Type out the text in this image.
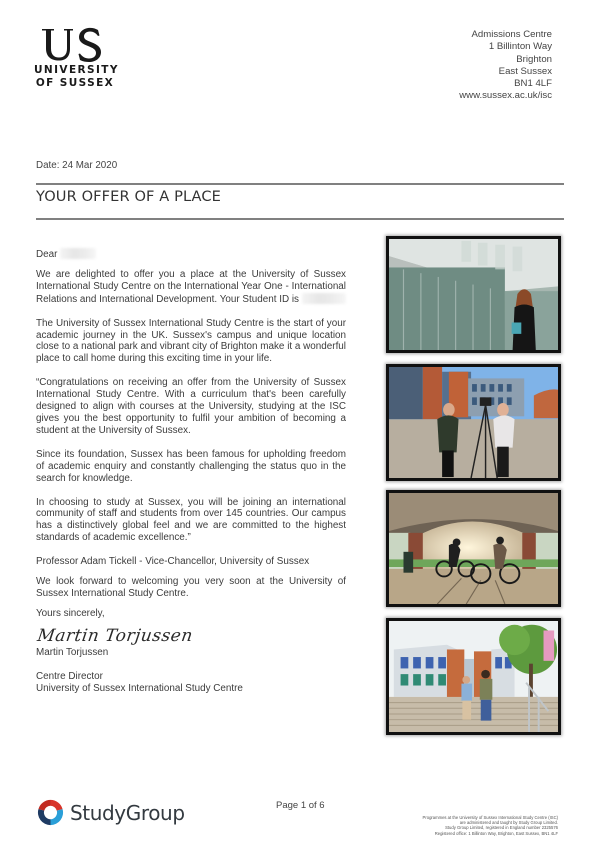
UNIVERSITY
OF SUSSEX
Admissions Centre
1 Billinton Way
Brighton
East Sussex
BN1 4LF
www.sussex.ac.uk/isc
Date: 24 Mar 2020
YOUR OFFER OF A PLACE

Dear

We are delighted to offer you a place at the University of Sussex International Study Centre on the International Year One - International Relations and International Development. Your Student ID is

The University of Sussex International Study Centre is the start of your academic journey in the UK. Sussex's campus and unique location close to a national park and vibrant city of Brighton make it a wonderful place to call home during this exciting time in your life.

“Congratulations on receiving an offer from the University of Sussex International Study Centre. With a curriculum that's been carefully designed to align with courses at the University, studying at the ISC gives you the best opportunity to fulfil your ambition of becoming a student at the University of Sussex.

Since its foundation, Sussex has been famous for upholding freedom of academic enquiry and constantly challenging the status quo in the search for knowledge.

In choosing to study at Sussex, you will be joining an international community of staff and students from over 145 countries. Our campus has a distinctively global feel and we are committed to the highest standards of academic excellence.”

Professor Adam Tickell - Vice-Chancellor, University of Sussex

We look forward to welcoming you very soon at the University of Sussex International Study Centre.

Yours sincerely,

Martin Torjussen
Martin Torjussen
Centre Director
University of Sussex International Study Centre
StudyGroup	Page 1 of 6
Programmes at the University of Sussex International Study Centre (ISC)
are administered and taught by Study Group Limited.
Study Group Limited, registered in England number 2325576
Registered office: 1 Billinton Way, Brighton, East Sussex, BN1 4LF
